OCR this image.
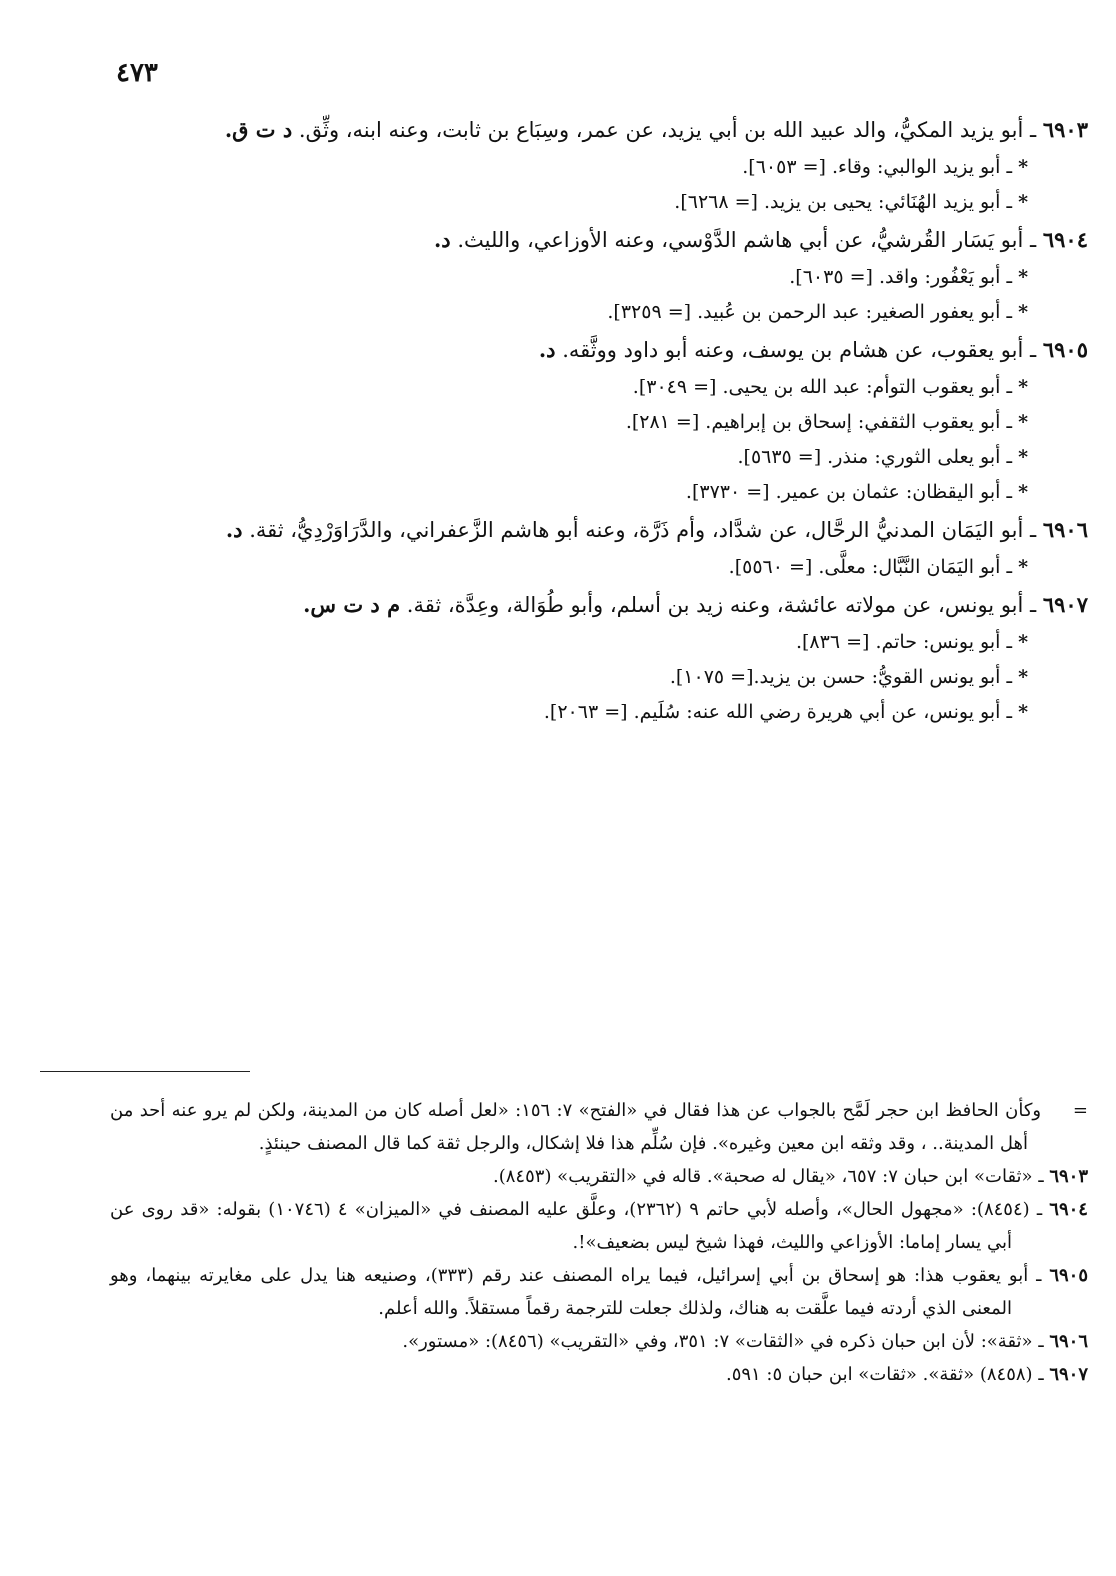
٤٧٣

٦٩٠٣ ـ أبو يزيد المكيُّ، والد عبيد الله بن أبي يزيد، عن عمر، وسِبَاع بن ثابت، وعنه ابنه، وثِّق. د ت ق.

*ـ أبو يزيد الوالبي: وقاء. [= ٦٠٥٣].

*ـ أبو يزيد الهُنَائي: يحيى بن يزيد. [= ٦٢٦٨].

٦٩٠٤ ـ أبو يَسَار القُرشيُّ، عن أبي هاشم الدَّوْسي، وعنه الأوزاعي، والليث. د.

*ـ أبو يَعْفُور: واقد. [= ٦٠٣٥].

*ـ أبو يعفور الصغير: عبد الرحمن بن عُبيد. [= ٣٢٥٩].

٦٩٠٥ ـ أبو يعقوب، عن هشام بن يوسف، وعنه أبو داود ووثَّقه. د.

*ـ أبو يعقوب التوأم: عبد الله بن يحيى. [= ٣٠٤٩].

*ـ أبو يعقوب الثقفي: إسحاق بن إبراهيم. [= ٢٨١].

*ـ أبو يعلى الثوري: منذر. [= ٥٦٣٥].

*ـ أبو اليقظان: عثمان بن عمير. [= ٣٧٣٠].

٦٩٠٦ ـ أبو اليَمَان المدنيُّ الرحَّال، عن شدَّاد، وأم ذَرَّة، وعنه أبو هاشم الزَّعفراني، والدَّرَاوَرْدِيُّ، ثقة. د.

*ـ أبو اليَمَان النَّبَّال: معلَّى. [= ٥٥٦٠].

٦٩٠٧ ـ أبو يونس، عن مولاته عائشة، وعنه زيد بن أسلم، وأبو طُوَالة، وعِدَّة، ثقة. م د ت س.

*ـ أبو يونس: حاتم. [= ٨٣٦].

*ـ أبو يونس القويُّ: حسن بن يزيد.[= ١٠٧٥].

*ـ أبو يونس، عن أبي هريرة رضي الله عنه: سُلَيم. [= ٢٠٦٣].

=     وكأن الحافظ ابن حجر لَمَّح بالجواب عن هذا فقال في «الفتح» ٧: ١٥٦: «لعل أصله كان من المدينة، ولكن لم يرو عنه أحد من أهل المدينة.. ، وقد وثقه ابن معين وغيره». فإن سُلِّم هذا فلا إشكال، والرجل ثقة كما قال المصنف حينئذٍ.

٦٩٠٣ ـ «ثقات» ابن حبان ٧: ٦٥٧، «يقال له صحبة». قاله في «التقريب» (٨٤٥٣).

٦٩٠٤ ـ (٨٤٥٤): «مجهول الحال»، وأصله لأبي حاتم ٩ (٢٣٦٢)، وعلَّق عليه المصنف في «الميزان» ٤ (١٠٧٤٦) بقوله: «قد روى عن أبي يسار إماما: الأوزاعي والليث، فهذا شيخ ليس بضعيف»!.

٦٩٠٥ ـ أبو يعقوب هذا: هو إسحاق بن أبي إسرائيل، فيما يراه المصنف عند رقم (٣٣٣)، وصنيعه هنا يدل على مغايرته بينهما، وهو المعنى الذي أردته فيما علَّقت به هناك، ولذلك جعلت للترجمة رقماً مستقلاً. والله أعلم.

٦٩٠٦ ـ «ثقة»: لأن ابن حبان ذكره في «الثقات» ٧: ٣٥١، وفي «التقريب» (٨٤٥٦): «مستور».

٦٩٠٧ ـ (٨٤٥٨) «ثقة». «ثقات» ابن حبان ٥: ٥٩١.
